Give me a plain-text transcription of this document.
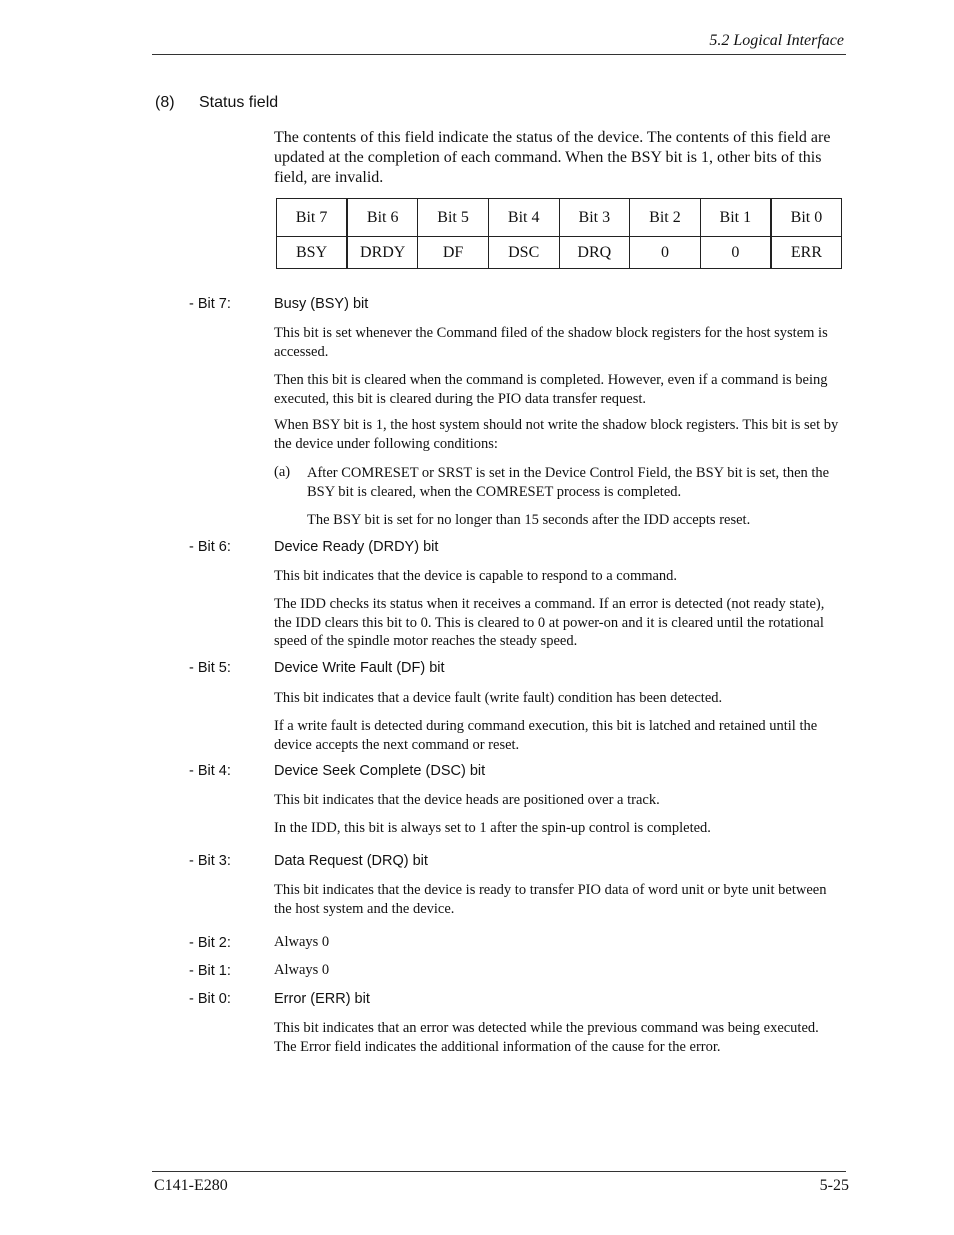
5.2 Logical Interface
(8) Status field

The contents of this field indicate the status of the device. The contents of this field are updated at the completion of each command. When the BSY bit is 1, other bits of this field, are invalid.

Bit 7	Bit 6	Bit 5	Bit 4	Bit 3	Bit 2	Bit 1	Bit 0
BSY	DRDY	DF	DSC	DRQ	0	0	ERR
- Bit 7:	Busy (BSY) bit

This bit is set whenever the Command filed of the shadow block registers for the host system is accessed.

Then this bit is cleared when the command is completed. However, even if a command is being executed, this bit is cleared during the PIO data transfer request.

When BSY bit is 1, the host system should not write the shadow block registers. This bit is set by the device under following conditions:

(a) After COMRESET or SRST is set in the Device Control Field, the BSY bit is set, then the BSY bit is cleared, when the COMRESET process is completed.

The BSY bit is set for no longer than 15 seconds after the IDD accepts reset.

- Bit 6:	Device Ready (DRDY) bit

This bit indicates that the device is capable to respond to a command.

The IDD checks its status when it receives a command. If an error is detected (not ready state), the IDD clears this bit to 0. This is cleared to 0 at power-on and it is cleared until the rotational speed of the spindle motor reaches the steady speed.

- Bit 5:	Device Write Fault (DF) bit

This bit indicates that a device fault (write fault) condition has been detected.

If a write fault is detected during command execution, this bit is latched and retained until the device accepts the next command or reset.

- Bit 4:	Device Seek Complete (DSC) bit

This bit indicates that the device heads are positioned over a track.

In the IDD, this bit is always set to 1 after the spin-up control is completed.

- Bit 3:	Data Request (DRQ) bit

This bit indicates that the device is ready to transfer PIO data of word unit or byte unit between the host system and the device.

- Bit 2:	Always 0
- Bit 1:	Always 0
- Bit 0:	Error (ERR) bit

This bit indicates that an error was detected while the previous command was being executed. The Error field indicates the additional information of the cause for the error.

C141-E280	5-25
